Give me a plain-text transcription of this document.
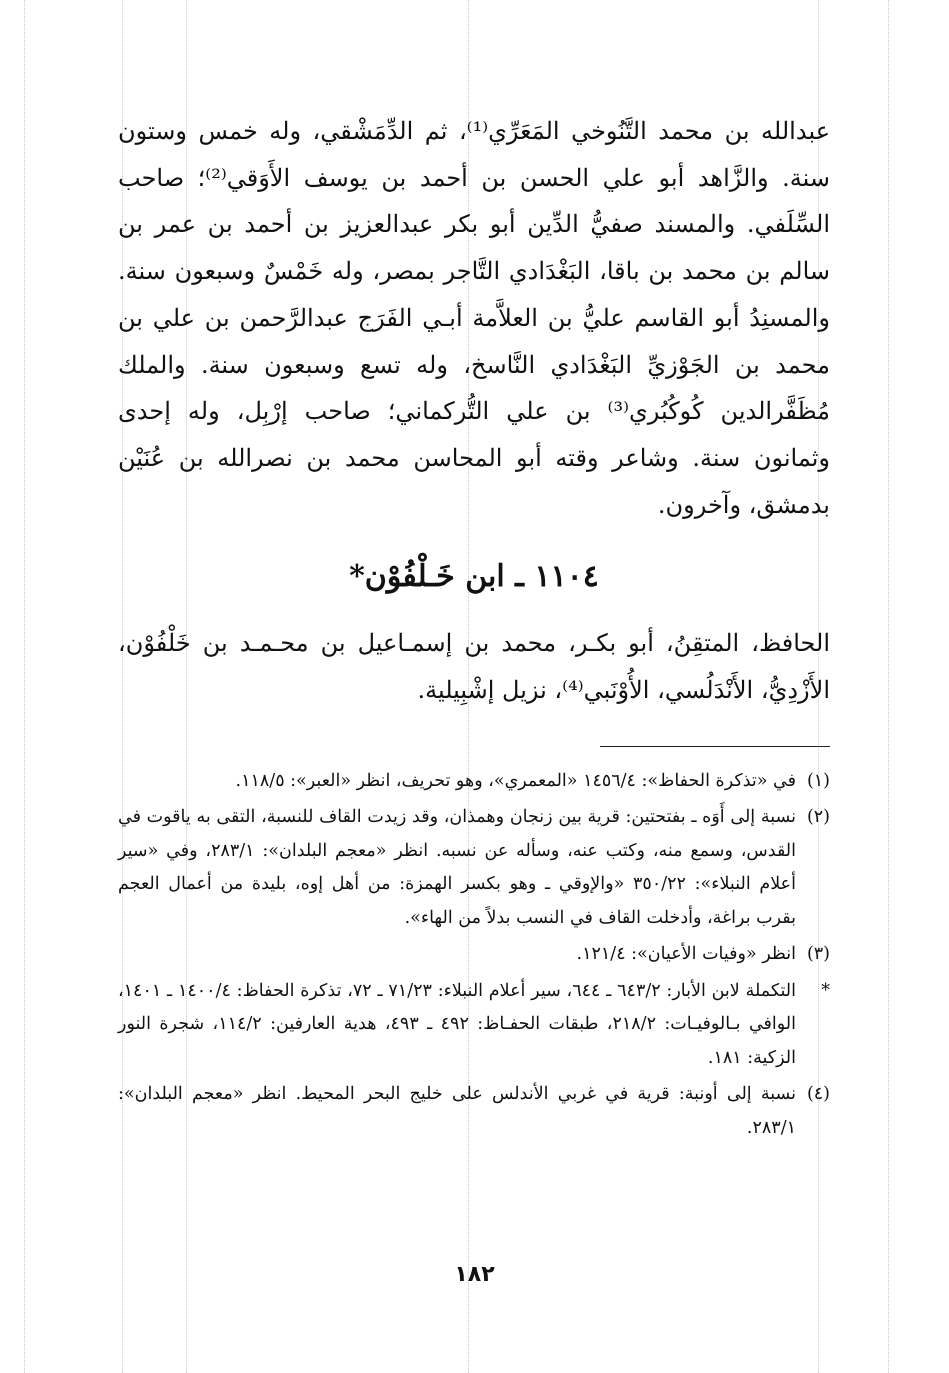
عبدالله بن محمد التَّنُوخي المَعَرِّي⁽¹⁾، ثم الدِّمَشْقي، وله خمس وستون سنة. والزَّاهد أبو علي الحسن بن أحمد بن يوسف الأَوَقي⁽²⁾؛ صاحب السِّلَفي. والمسند صفيُّ الدِّين أبو بكر عبدالعزيز بن أحمد بن عمر بن سالم بن محمد بن باقا، البَغْدَادي التَّاجر بمصر، وله خَمْسٌ وسبعون سنة. والمسنِدُ أبو القاسم عليُّ بن العلاَّمة أبـي الفَرَج عبدالرَّحمن بن علي بن محمد بن الجَوْزيِّ البَغْدَادي النَّاسخ، وله تسع وسبعون سنة. والملك مُظَفَّرالدين كُوكُبُري⁽³⁾ بن علي التُّركماني؛ صاحب إرْبِل، وله إحدى وثمانون سنة. وشاعر وقته أبو المحاسن محمد بن نصرالله بن عُنَيْن بدمشق، وآخرون.

١١٠٤ ـ ابن خَـلْفُوْن*

الحافظ، المتقِنُ، أبو بكـر، محمد بن إسمـاعيل بن محـمـد بن خَلْفُوْن، الأَزْدِيُّ، الأَنْدَلُسي، الأُوْنَبي⁽⁴⁾، نزيل إشْبِيلية.

(١)
في «تذكرة الحفاظ»: ١٤٥٦/٤ «المعمري»، وهو تحريف، انظر «العبر»: ١١٨/٥.
(٢)
نسبة إلى أَوَه ـ بفتحتين: قرية بين زنجان وهمذان، وقد زيدت القاف للنسبة، التقى به ياقوت في القدس، وسمع منه، وكتب عنه، وسأله عن نسبه. انظر «معجم البلدان»: ٢٨٣/١، وفي «سير أعلام النبلاء»: ٣٥٠/٢٢ «والإوقي ـ وهو بكسر الهمزة: من أهل إوه، بليدة من أعمال العجم بقرب براغة، وأدخلت القاف في النسب بدلاً من الهاء».
(٣)
انظر «وفيات الأعيان»: ١٢١/٤.
*
التكملة لابن الأبار: ٦٤٣/٢ ـ ٦٤٤، سير أعلام النبلاء: ٧١/٢٣ ـ ٧٢، تذكرة الحفاظ: ١٤٠٠/٤ ـ ١٤٠١، الوافي بـالوفيـات: ٢١٨/٢، طبقات الحفـاظ: ٤٩٢ ـ ٤٩٣، هدية العارفين: ١١٤/٢، شجرة النور الزكية: ١٨١.
(٤)
نسبة إلى أونبة: قرية في غربي الأندلس على خليج البحر المحيط. انظر «معجم البلدان»: ٢٨٣/١.
١٨٢
